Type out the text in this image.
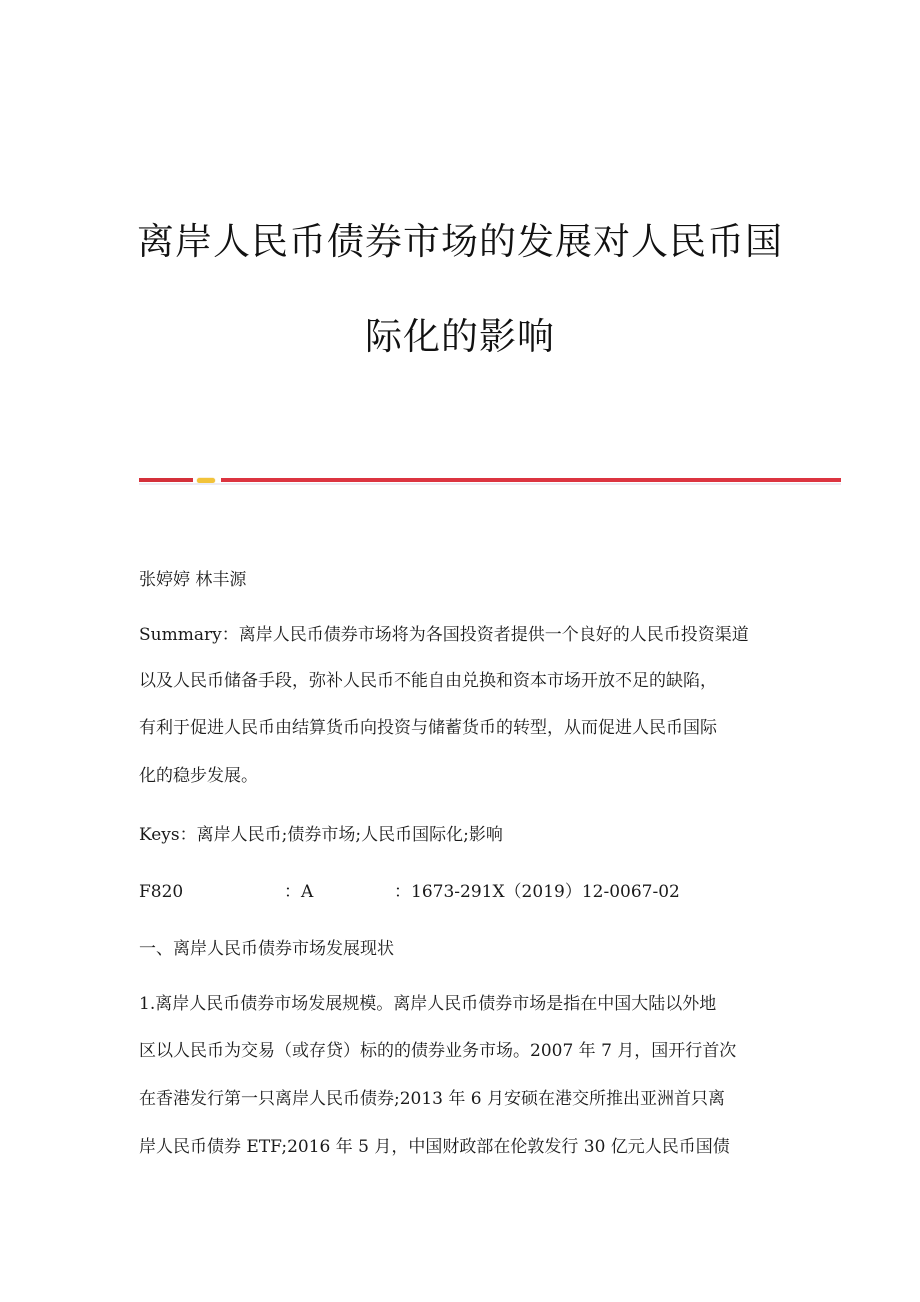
离岸人民币债券市场的发展对人民币国
际化的影响
张婷婷 林丰源
Summary：离岸人民币债券市场将为各国投资者提供一个良好的人民币投资渠道
以及人民币储备手段，弥补人民币不能自由兑换和资本市场开放不足的缺陷，
有利于促进人民币由结算货币向投资与储蓄货币的转型，从而促进人民币国际
化的稳步发展。
Keys：离岸人民币;债券市场;人民币国际化;影响
F820	：A	：1673-291X（2019）12-0067-02
一、离岸人民币债券市场发展现状
1.离岸人民币债券市场发展规模。离岸人民币债券市场是指在中国大陆以外地
区以人民币为交易（或存贷）标的的债券业务市场。2007 年 7 月，国开行首次
在香港发行第一只离岸人民币债券;2013 年 6 月安硕在港交所推出亚洲首只离
岸人民币债券 ETF;2016 年 5 月，中国财政部在伦敦发行 30 亿元人民币国债
